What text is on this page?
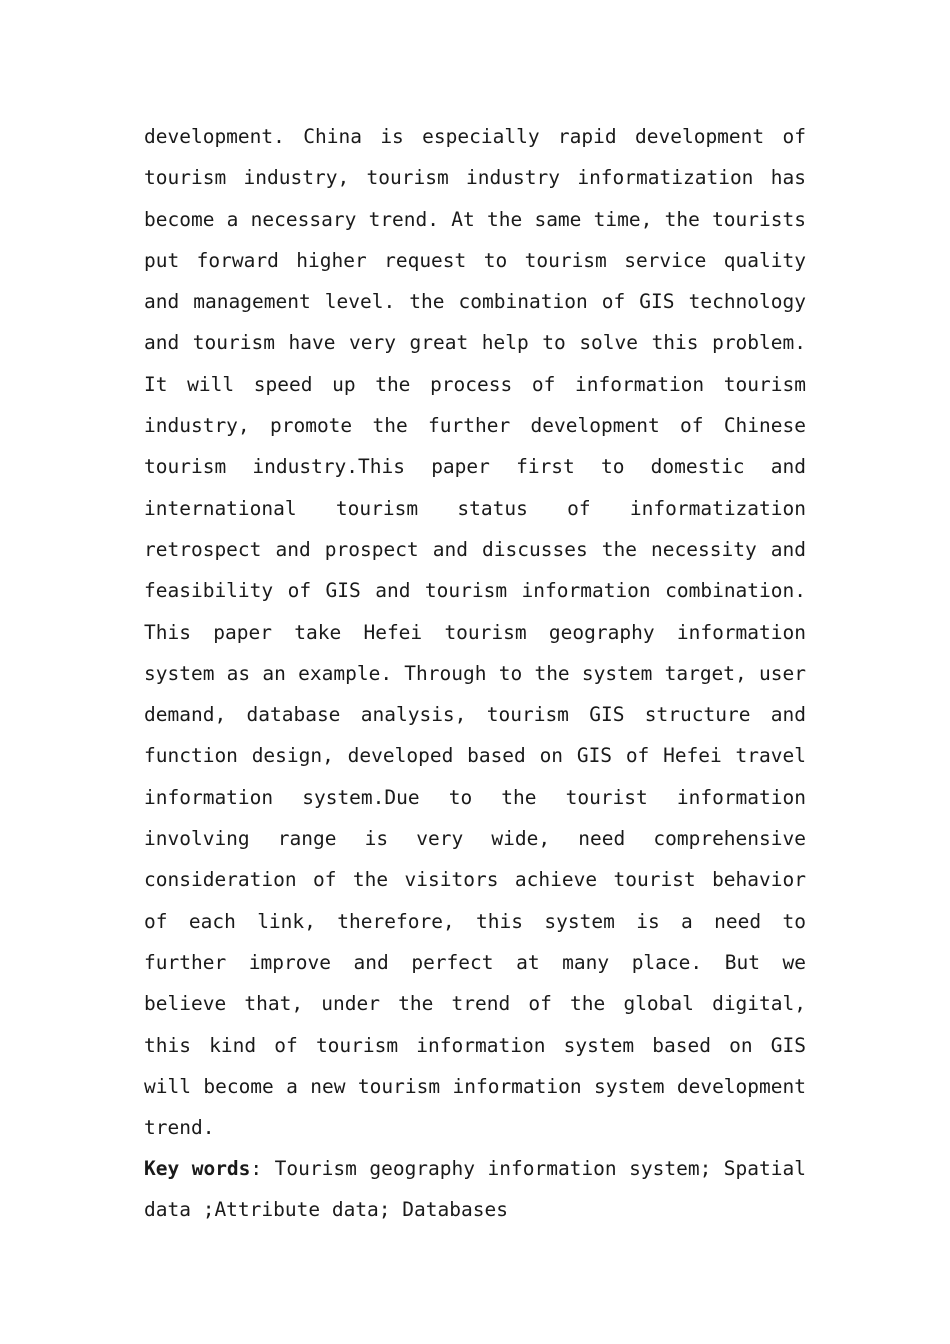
development. China is especially rapid development of tourism industry, tourism industry informatization has become a necessary trend. At the same time, the tourists put forward higher request to tourism service quality and management level. the combination of GIS technology and tourism have very great help to solve this problem. It will speed up the process of information tourism industry, promote the further development of Chinese tourism industry.This paper first to domestic and international tourism status of informatization retrospect and prospect and discusses the necessity and feasibility of GIS and tourism information combination. This paper take Hefei tourism geography information system as an example. Through to the system target, user demand, database analysis, tourism GIS structure and function design, developed based on GIS of Hefei travel information system.Due to the tourist information involving range is very wide, need comprehensive consideration of the visitors achieve tourist behavior of each link, therefore, this system is a need to further improve and perfect at many place. But we believe that, under the trend of the global digital, this kind of tourism information system based on GIS will become a new tourism information system development trend.

Key words: Tourism geography information system; Spatial data ;Attribute data; Databases
